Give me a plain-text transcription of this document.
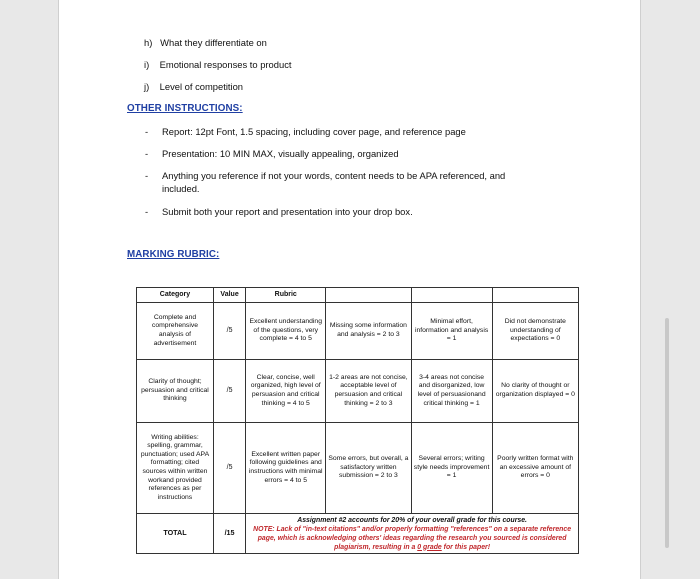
h) What they differentiate on
i) Emotional responses to product
j) Level of competition
OTHER INSTRUCTIONS:
- Report: 12pt Font, 1.5 spacing, including cover page, and reference page
- Presentation: 10 MIN MAX, visually appealing, organized
- Anything you reference if not your words, content needs to be APA referenced, and included.
- Submit both your report and presentation into your drop box.
MARKING RUBRIC:
Category	Value	Rubric			
Complete and comprehensive analysis of advertisement	/5	Excellent understanding of the questions, very complete = 4 to 5	Missing some information and analysis = 2 to 3	Minimal effort, information and analysis = 1	Did not demonstrate understanding of expectations = 0
Clarity of thought; persuasion and critical thinking	/5	Clear, concise, well organized, high level of persuasion and critical thinking = 4 to 5	1-2 areas are not concise, acceptable level of persuasion and critical thinking = 2 to 3	3-4 areas not concise and disorganized, low level of persuasionand critical thinking = 1	No clarity of thought or organization displayed = 0
Writing abilities: spelling, grammar, punctuation; used APA formatting; cited sources within written workand provided references as per instructions	/5	Excellent written paper following guidelines and instructions with minimal errors = 4 to 5	Some errors, but overall, a satisfactory written submission = 2 to 3	Several errors; writing style needs improvement = 1	Poorly written format with an excessive amount of errors = 0
TOTAL	/15	Assignment #2 accounts for 20% of your overall grade for this course.
NOTE: Lack of "in-text citations" and/or properly formatting "references" on a separate reference page, which is acknowledging others' ideas regarding the research you sourced is considered plagiarism, resulting in a 0 grade for this paper!			
